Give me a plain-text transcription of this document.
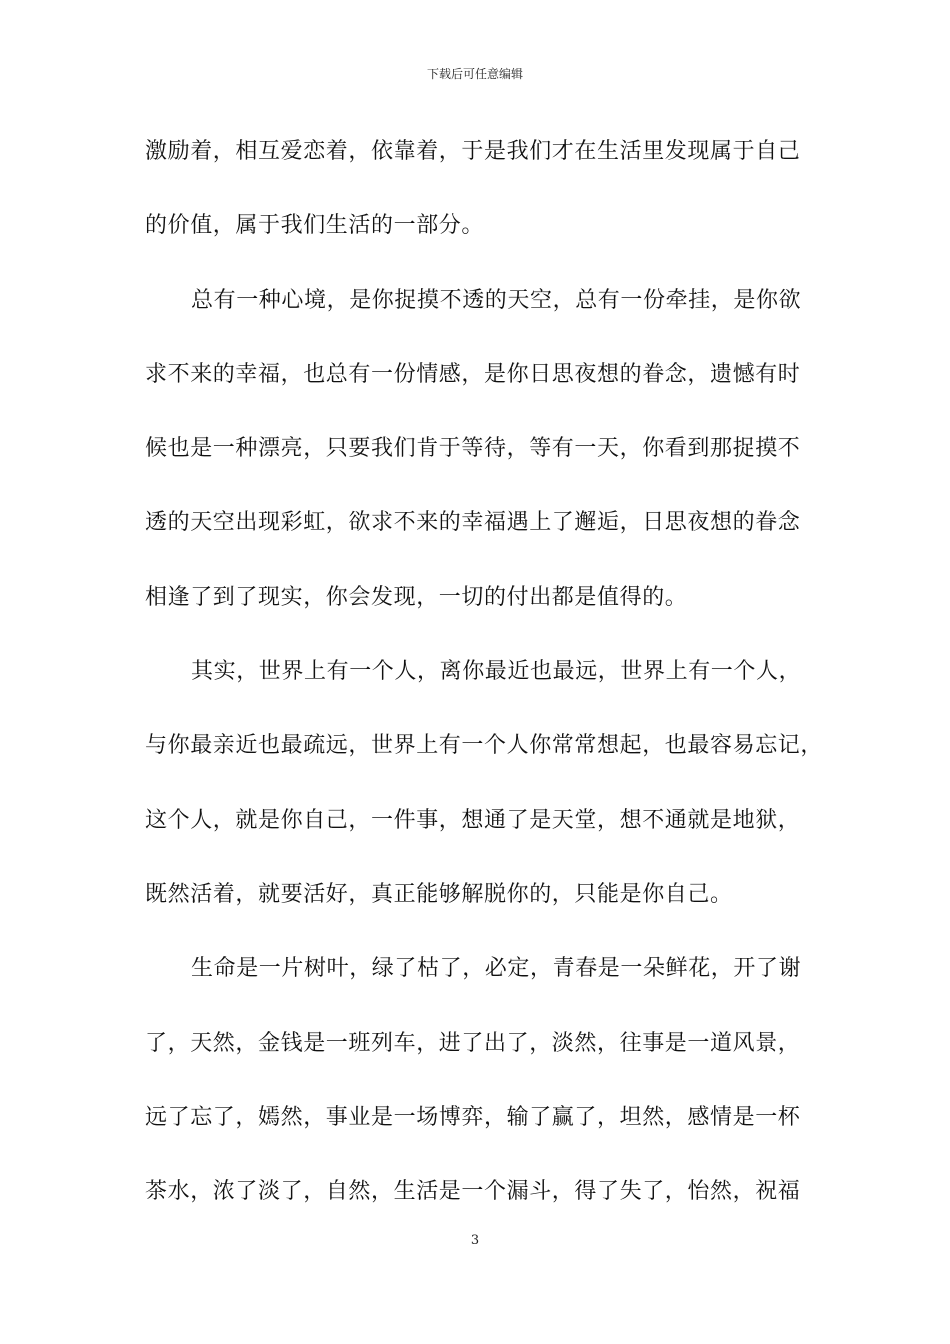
下载后可任意编辑
激励着，相互爱恋着，依靠着，于是我们才在生活里发现属于自己
的价值，属于我们生活的一部分。
总有一种心境，是你捉摸不透的天空，总有一份牵挂，是你欲
求不来的幸福，也总有一份情感，是你日思夜想的眷念，遗憾有时
候也是一种漂亮，只要我们肯于等待，等有一天，你看到那捉摸不
透的天空出现彩虹，欲求不来的幸福遇上了邂逅，日思夜想的眷念
相逢了到了现实，你会发现，一切的付出都是值得的。
其实，世界上有一个人，离你最近也最远，世界上有一个人，
与你最亲近也最疏远，世界上有一个人你常常想起，也最容易忘记，
这个人，就是你自己，一件事，想通了是天堂，想不通就是地狱，
既然活着，就要活好，真正能够解脱你的，只能是你自己。
生命是一片树叶，绿了枯了，必定，青春是一朵鲜花，开了谢
了，天然，金钱是一班列车，进了出了，淡然，往事是一道风景，
远了忘了，嫣然，事业是一场博弈，输了赢了，坦然，感情是一杯
茶水，浓了淡了，自然，生活是一个漏斗，得了失了，怡然，祝福
3
